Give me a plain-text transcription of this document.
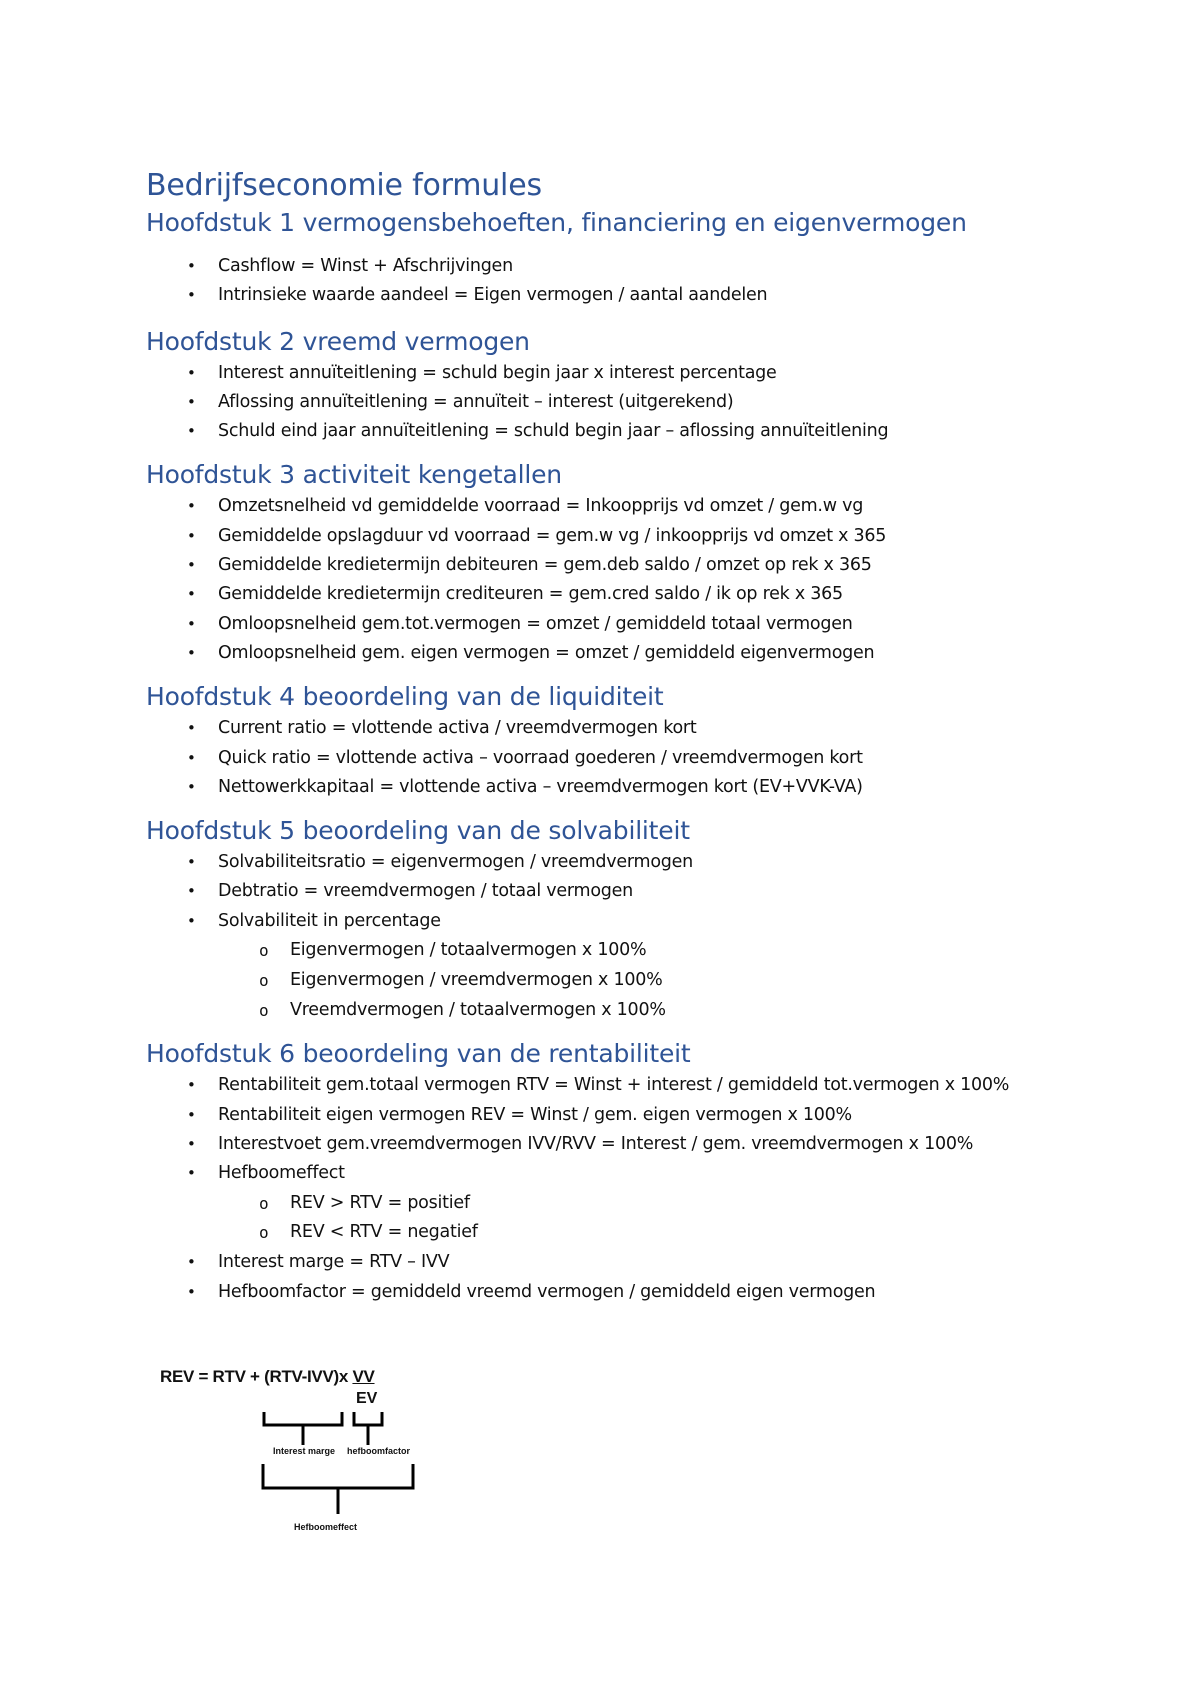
Bedrijfseconomie formules
Hoofdstuk 1 vermogensbehoeften, financiering en eigenvermogen
• Cashflow = Winst + Afschrijvingen
• Intrinsieke waarde aandeel = Eigen vermogen / aantal aandelen
Hoofdstuk 2 vreemd vermogen
• Interest annuïteitlening = schuld begin jaar x interest percentage
• Aflossing annuïteitlening = annuïteit – interest (uitgerekend)
• Schuld eind jaar annuïteitlening = schuld begin jaar – aflossing annuïteitlening
Hoofdstuk 3 activiteit kengetallen
• Omzetsnelheid vd gemiddelde voorraad = Inkoopprijs vd omzet / gem.w vg
• Gemiddelde opslagduur vd voorraad = gem.w vg / inkoopprijs vd omzet x 365
• Gemiddelde kredietermijn debiteuren = gem.deb saldo / omzet op rek x 365
• Gemiddelde kredietermijn crediteuren = gem.cred saldo / ik op rek x 365
• Omloopsnelheid gem.tot.vermogen = omzet / gemiddeld totaal vermogen
• Omloopsnelheid gem. eigen vermogen = omzet / gemiddeld eigenvermogen
Hoofdstuk 4 beoordeling van de liquiditeit
• Current ratio = vlottende activa / vreemdvermogen kort
• Quick ratio = vlottende activa – voorraad goederen / vreemdvermogen kort
• Nettowerkkapitaal = vlottende activa – vreemdvermogen kort (EV+VVK-VA)
Hoofdstuk 5 beoordeling van de solvabiliteit
• Solvabiliteitsratio = eigenvermogen / vreemdvermogen
• Debtratio = vreemdvermogen / totaal vermogen
• Solvabiliteit in percentage
o Eigenvermogen / totaalvermogen x 100%
o Eigenvermogen / vreemdvermogen x 100%
o Vreemdvermogen / totaalvermogen x 100%
Hoofdstuk 6 beoordeling van de rentabiliteit
• Rentabiliteit gem.totaal vermogen RTV = Winst + interest / gemiddeld tot.vermogen x 100%
• Rentabiliteit eigen vermogen REV = Winst / gem. eigen vermogen x 100%
• Interestvoet gem.vreemdvermogen IVV/RVV = Interest / gem. vreemdvermogen x 100%
• Hefboomeffect
o REV > RTV = positief
o REV < RTV = negatief
• Interest marge = RTV – IVV
• Hefboomfactor = gemiddeld vreemd vermogen / gemiddeld eigen vermogen
REV = RTV + (RTV-IVV)x VV
EV
Interest marge hefboomfactor
Hefboomeffect
